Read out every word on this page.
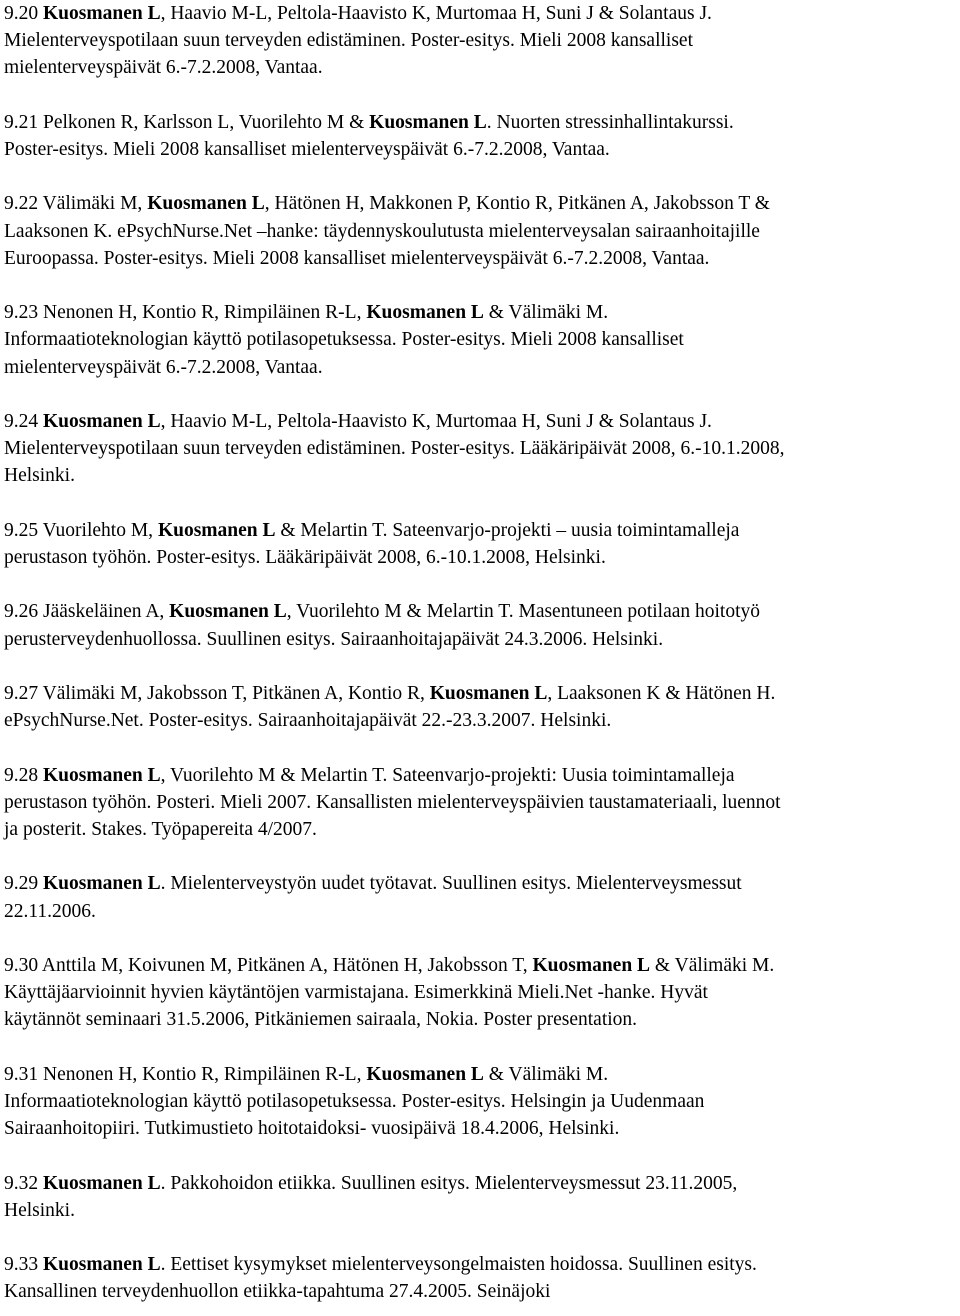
9.20 Kuosmanen L, Haavio M-L, Peltola-Haavisto K, Murtomaa H, Suni J & Solantaus J.
Mielenterveyspotilaan suun terveyden edistäminen. Poster-esitys. Mieli 2008 kansalliset
mielenterveyspäivät 6.-7.2.2008, Vantaa.
9.21 Pelkonen R, Karlsson L, Vuorilehto M & Kuosmanen L. Nuorten stressinhallintakurssi.
Poster-esitys. Mieli 2008 kansalliset mielenterveyspäivät 6.-7.2.2008, Vantaa.
9.22 Välimäki M, Kuosmanen L, Hätönen H, Makkonen P, Kontio R, Pitkänen A, Jakobsson T &
Laaksonen K. ePsychNurse.Net –hanke: täydennyskoulutusta mielenterveysalan sairaanhoitajille
Euroopassa. Poster-esitys. Mieli 2008 kansalliset mielenterveyspäivät 6.-7.2.2008, Vantaa.
9.23 Nenonen H, Kontio R, Rimpiläinen R-L, Kuosmanen L & Välimäki M.
Informaatioteknologian käyttö potilasopetuksessa. Poster-esitys. Mieli 2008 kansalliset
mielenterveyspäivät 6.-7.2.2008, Vantaa.
9.24 Kuosmanen L, Haavio M-L, Peltola-Haavisto K, Murtomaa H, Suni J & Solantaus J.
Mielenterveyspotilaan suun terveyden edistäminen. Poster-esitys. Lääkäripäivät 2008, 6.-10.1.2008,
Helsinki.
9.25 Vuorilehto M, Kuosmanen L & Melartin T. Sateenvarjo-projekti – uusia toimintamalleja
perustason työhön. Poster-esitys. Lääkäripäivät 2008, 6.-10.1.2008, Helsinki.
9.26 Jääskeläinen A, Kuosmanen L, Vuorilehto M & Melartin T. Masentuneen potilaan hoitotyö
perusterveydenhuollossa. Suullinen esitys. Sairaanhoitajapäivät 24.3.2006. Helsinki.
9.27 Välimäki M, Jakobsson T, Pitkänen A, Kontio R, Kuosmanen L, Laaksonen K & Hätönen H.
ePsychNurse.Net. Poster-esitys. Sairaanhoitajapäivät 22.-23.3.2007. Helsinki.
9.28 Kuosmanen L, Vuorilehto M & Melartin T. Sateenvarjo-projekti: Uusia toimintamalleja
perustason työhön. Posteri. Mieli 2007. Kansallisten mielenterveyspäivien taustamateriaali, luennot
ja posterit. Stakes. Työpapereita 4/2007.
9.29 Kuosmanen L. Mielenterveystyön uudet työtavat. Suullinen esitys. Mielenterveysmessut
22.11.2006.
9.30 Anttila M, Koivunen M, Pitkänen A, Hätönen H, Jakobsson T, Kuosmanen L & Välimäki M.
Käyttäjäarvioinnit hyvien käytäntöjen varmistajana. Esimerkkinä Mieli.Net -hanke. Hyvät
käytännöt seminaari 31.5.2006, Pitkäniemen sairaala, Nokia. Poster presentation.
9.31 Nenonen H, Kontio R, Rimpiläinen R-L, Kuosmanen L & Välimäki M.
Informaatioteknologian käyttö potilasopetuksessa. Poster-esitys. Helsingin ja Uudenmaan
Sairaanhoitopiiri. Tutkimustieto hoitotaidoksi- vuosipäivä 18.4.2006, Helsinki.
9.32 Kuosmanen L. Pakkohoidon etiikka. Suullinen esitys. Mielenterveysmessut 23.11.2005,
Helsinki.
9.33 Kuosmanen L. Eettiset kysymykset mielenterveysongelmaisten hoidossa. Suullinen esitys.
Kansallinen terveydenhuollon etiikka-tapahtuma 27.4.2005. Seinäjoki
